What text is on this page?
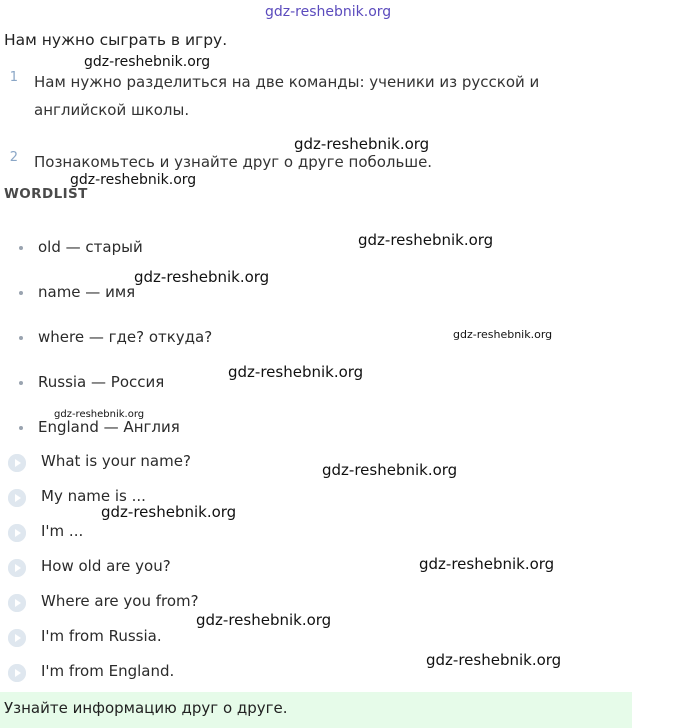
Нам нужно сыграть в игру.
1 Нам нужно разделиться на две команды: ученики из русской и английской школы.
2 Познакомьтесь и узнайте друг о друге побольше.
WORDLIST
old — старый
name — имя
where — где? откуда?
Russia — Россия
England — Англия
What is your name?
My name is ...
I'm ...
How old are you?
Where are you from?
I'm from Russia.
I'm from England.
Узнайте информацию друг о друге.
gdz-reshebnik.org
gdz-reshebnik.org
gdz-reshebnik.org
gdz-reshebnik.org
gdz-reshebnik.org
gdz-reshebnik.org
gdz-reshebnik.org
gdz-reshebnik.org
gdz-reshebnik.org
gdz-reshebnik.org
gdz-reshebnik.org
gdz-reshebnik.org
gdz-reshebnik.org
gdz-reshebnik.org
